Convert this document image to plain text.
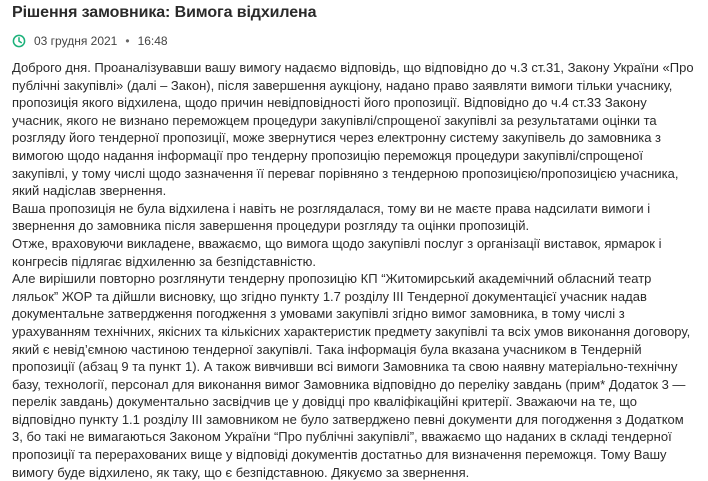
Рішення замовника: Вимога відхилена
03 грудня 2021 • 16:48

Доброго дня. Проаналізувавши вашу вимогу надаємо відповідь, що відповідно до ч.3 ст.31, Закону України «Про публічні закупівлі» (далі – Закон), після завершення аукціону, надано право заявляти вимоги тільки учаснику, пропозиція якого відхилена, щодо причин невідповідності його пропозиції. Відповідно до ч.4 ст.33 Закону учасник, якого не визнано переможцем процедури закупівлі/спрощеної закупівлі за результатами оцінки та розгляду його тендерної пропозиції, може звернутися через електронну систему закупівель до замовника з вимогою щодо надання інформації про тендерну пропозицію переможця процедури закупівлі/спрощеної закупівлі, у тому числі щодо зазначення її переваг порівняно з тендерною пропозицією/пропозицією учасника, який надіслав звернення.

Ваша пропозиція не була відхилена і навіть не розглядалася, тому ви не маєте права надсилати вимоги і звернення до замовника після завершення процедури розгляду та оцінки пропозицій.

Отже, враховуючи викладене, вважаємо, що вимога щодо закупівлі послуг з організації виставок, ярмарок і конгресів підлягає відхиленню за безпідставністю.

Але вирішили повторно розглянути тендерну пропозицію КП “Житомирський академічний обласний театр ляльок” ЖОР та дійшли висновку, що згідно пункту 1.7 розділу ІІІ Тендерної документацієї учасник надав документальне затвердження погодження з умовами закупівлі згідно вимог замовника, в тому числі з урахуванням технічних, якісних та кількісних характеристик предмету закупівлі та всіх умов виконання договору, який є невід’ємною частиною тендерної закупівлі. Така інформація була вказана учасником в Тендерній пропозиції (абзац 9 та пункт 1). А також вивчивши всі вимоги Замовника та свою наявну матеріально-технічну базу, технології, персонал для виконання вимог Замовника відповідно до переліку завдань (прим* Додаток 3 — перелік завдань) документально засвідчив це у довідці про кваліфікаційні критерії. Зважаючи на те, що відповідно пункту 1.1 розділу ІІІ замовником не було затверджено певні документи для погодження з Додатком 3, бо такі не вимагаються Законом України “Про публічні закупівлі”, вважаємо що наданих в складі тендерної пропозиції та перерахованих вище у відповіді документів достатньо для визначення переможця. Тому Вашу вимогу буде відхилено, як таку, що є безпідставною. Дякуємо за звернення.
